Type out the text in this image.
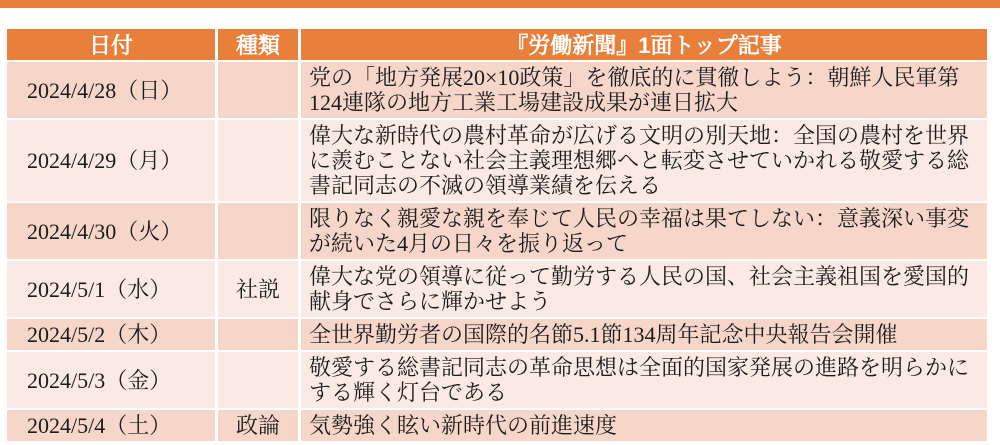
日付	種類	『労働新聞』1面トップ記事
2024/4/28（日）		党の「地方発展20×10政策」を徹底的に貫徹しよう：朝鮮人民軍第124連隊の地方工業工場建設成果が連日拡大
2024/4/29（月）		偉大な新時代の農村革命が広げる文明の別天地：全国の農村を世界に羨むことない社会主義理想郷へと転変させていかれる敬愛する総書記同志の不滅の領導業績を伝える
2024/4/30（火）		限りなく親愛な親を奉じて人民の幸福は果てしない：意義深い事変が続いた4月の日々を振り返って
2024/5/1（水）	社説	偉大な党の領導に従って勤労する人民の国、社会主義祖国を愛国的献身でさらに輝かせよう
2024/5/2（木）		全世界勤労者の国際的名節5.1節134周年記念中央報告会開催
2024/5/3（金）		敬愛する総書記同志の革命思想は全面的国家発展の進路を明らかにする輝く灯台である
2024/5/4（土）	政論	気勢強く眩い新時代の前進速度
